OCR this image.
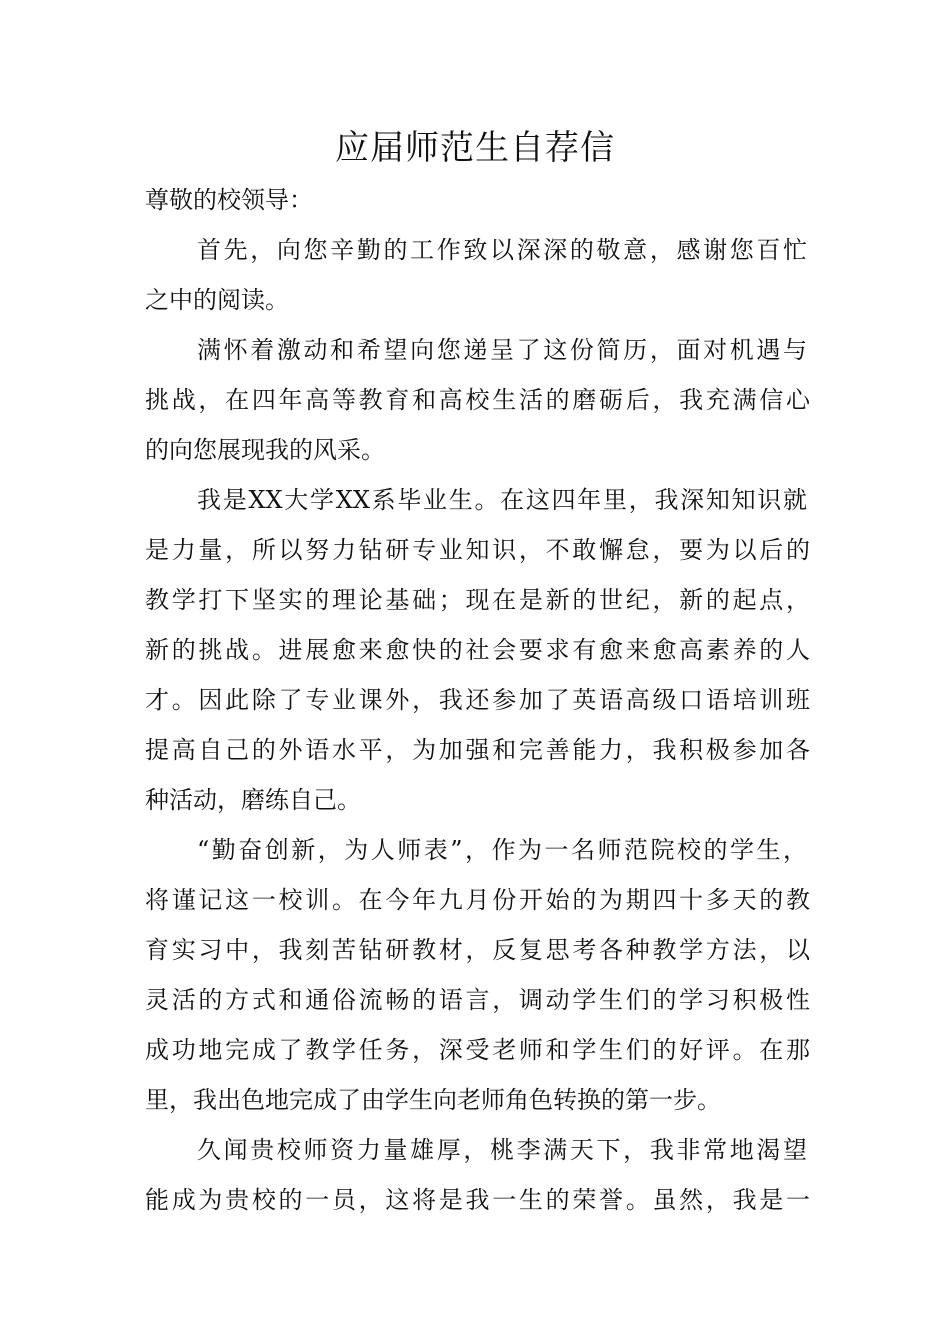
应届师范生自荐信
尊敬的校领导：
首先，向您辛勤的工作致以深深的敬意，感谢您百忙
之中的阅读。
满怀着激动和希望向您递呈了这份简历，面对机遇与
挑战，在四年高等教育和高校生活的磨砺后，我充满信心
的向您展现我的风采。
我是XX大学XX系毕业生。在这四年里，我深知知识就
是力量，所以努力钻研专业知识，不敢懈怠，要为以后的
教学打下坚实的理论基础；现在是新的世纪，新的起点，
新的挑战。进展愈来愈快的社会要求有愈来愈高素养的人
才。因此除了专业课外，我还参加了英语高级口语培训班
提高自己的外语水平，为加强和完善能力，我积极参加各
种活动，磨练自己。
“勤奋创新，为人师表”，作为一名师范院校的学生，
将谨记这一校训。在今年九月份开始的为期四十多天的教
育实习中，我刻苦钻研教材，反复思考各种教学方法，以
灵活的方式和通俗流畅的语言，调动学生们的学习积极性
成功地完成了教学任务，深受老师和学生们的好评。在那
里，我出色地完成了由学生向老师角色转换的第一步。
久闻贵校师资力量雄厚，桃李满天下，我非常地渴望
能成为贵校的一员，这将是我一生的荣誉。虽然，我是一
